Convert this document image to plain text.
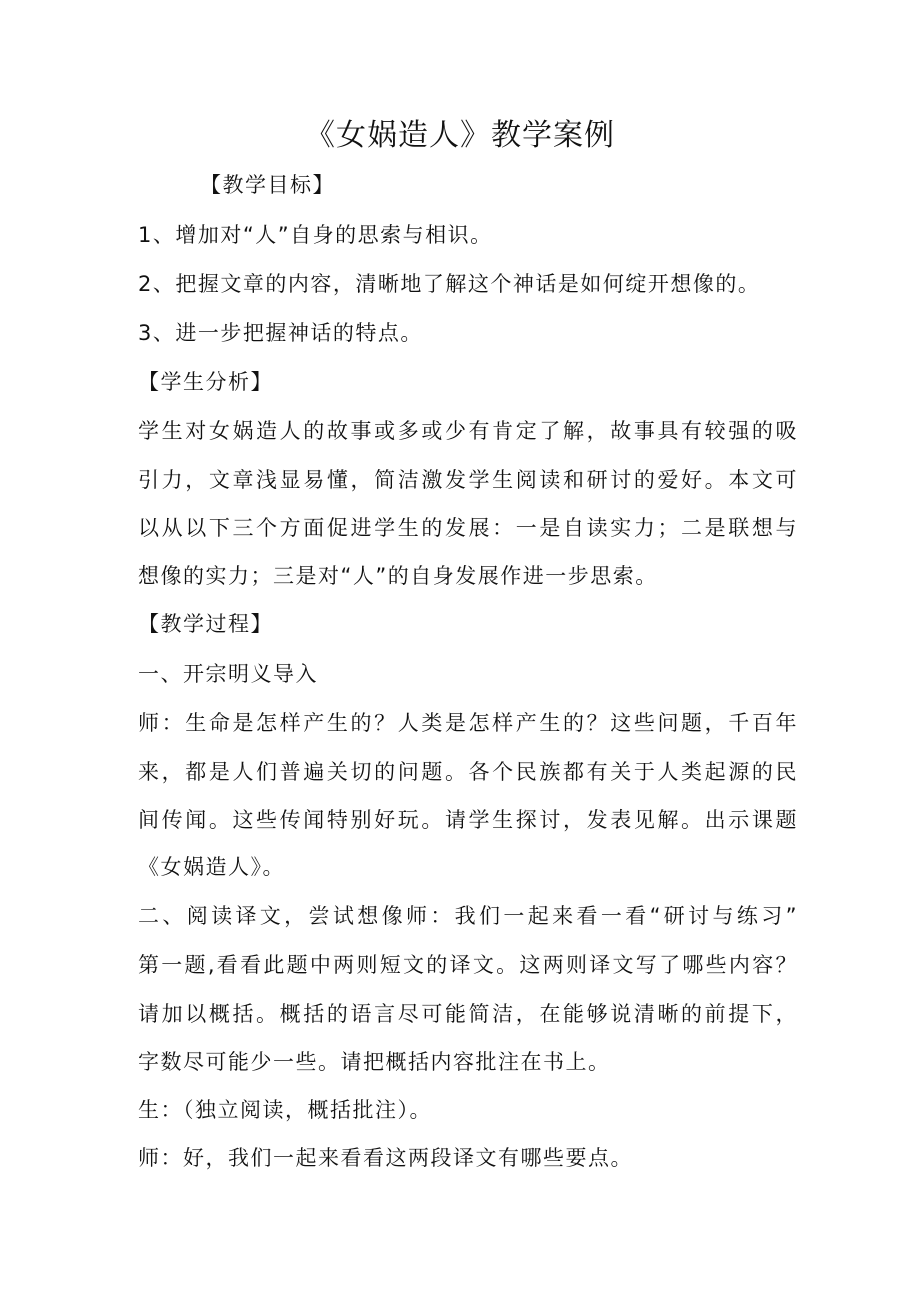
《女娲造人》教学案例
【教学目标】
1、增加对“人”自身的思索与相识。
2、把握文章的内容，清晰地了解这个神话是如何绽开想像的。
3、进一步把握神话的特点。
【学生分析】
学生对女娲造人的故事或多或少有肯定了解，故事具有较强的吸
引力，文章浅显易懂，简洁激发学生阅读和研讨的爱好。本文可
以从以下三个方面促进学生的发展：一是自读实力；二是联想与
想像的实力；三是对“人”的自身发展作进一步思索。
【教学过程】
一、开宗明义导入
师：生命是怎样产生的？人类是怎样产生的？这些问题，千百年
来，都是人们普遍关切的问题。各个民族都有关于人类起源的民
间传闻。这些传闻特别好玩。请学生探讨，发表见解。出示课题
《女娲造人》。
二、阅读译文，尝试想像师：我们一起来看一看“研讨与练习”
第一题,看看此题中两则短文的译文。这两则译文写了哪些内容？
请加以概括。概括的语言尽可能简洁，在能够说清晰的前提下，
字数尽可能少一些。请把概括内容批注在书上。
生：（独立阅读，概括批注）。
师：好，我们一起来看看这两段译文有哪些要点。
